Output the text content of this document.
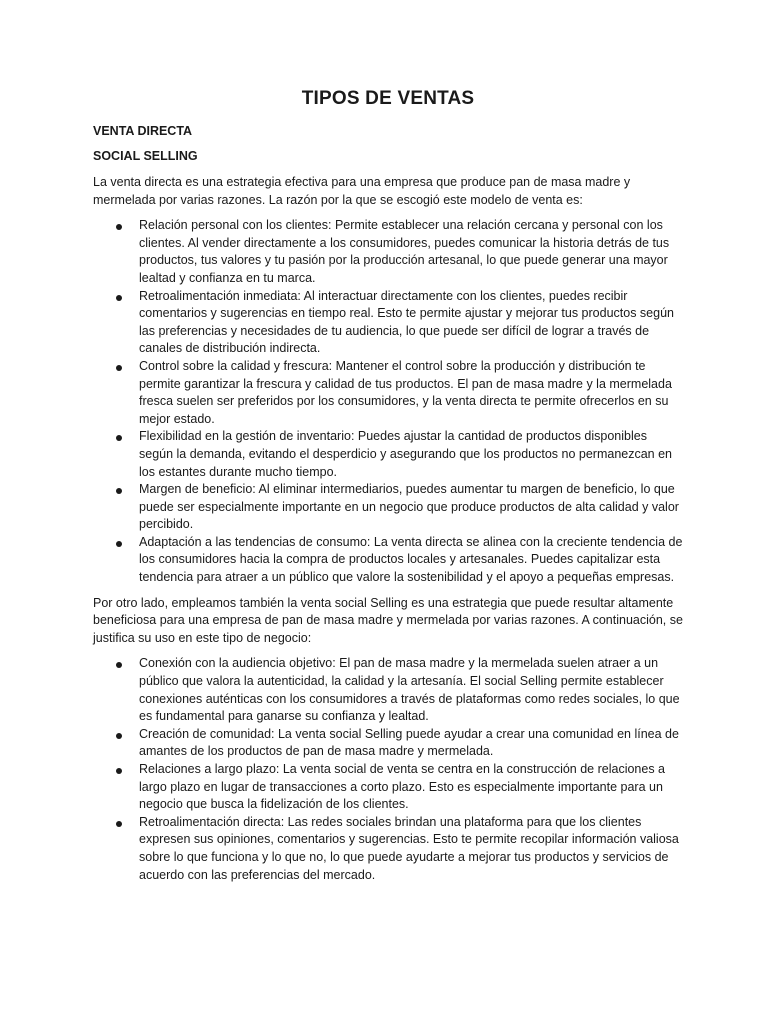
TIPOS DE VENTAS
VENTA DIRECTA
SOCIAL SELLING

La venta directa es una estrategia efectiva para una empresa que produce pan de masa madre y mermelada por varias razones. La razón por la que se escogió este modelo de venta es:

Relación personal con los clientes: Permite establecer una relación cercana y personal con los clientes. Al vender directamente a los consumidores, puedes comunicar la historia detrás de tus productos, tus valores y tu pasión por la producción artesanal, lo que puede generar una mayor lealtad y confianza en tu marca.
Retroalimentación inmediata: Al interactuar directamente con los clientes, puedes recibir comentarios y sugerencias en tiempo real. Esto te permite ajustar y mejorar tus productos según las preferencias y necesidades de tu audiencia, lo que puede ser difícil de lograr a través de canales de distribución indirecta.
Control sobre la calidad y frescura: Mantener el control sobre la producción y distribución te permite garantizar la frescura y calidad de tus productos. El pan de masa madre y la mermelada fresca suelen ser preferidos por los consumidores, y la venta directa te permite ofrecerlos en su mejor estado.
Flexibilidad en la gestión de inventario: Puedes ajustar la cantidad de productos disponibles según la demanda, evitando el desperdicio y asegurando que los productos no permanezcan en los estantes durante mucho tiempo.
Margen de beneficio: Al eliminar intermediarios, puedes aumentar tu margen de beneficio, lo que puede ser especialmente importante en un negocio que produce productos de alta calidad y valor percibido.
Adaptación a las tendencias de consumo: La venta directa se alinea con la creciente tendencia de los consumidores hacia la compra de productos locales y artesanales. Puedes capitalizar esta tendencia para atraer a un público que valore la sostenibilidad y el apoyo a pequeñas empresas.

Por otro lado, empleamos también la venta social Selling es una estrategia que puede resultar altamente beneficiosa para una empresa de pan de masa madre y mermelada por varias razones. A continuación, se justifica su uso en este tipo de negocio:

Conexión con la audiencia objetivo: El pan de masa madre y la mermelada suelen atraer a un público que valora la autenticidad, la calidad y la artesanía. El social Selling permite establecer conexiones auténticas con los consumidores a través de plataformas como redes sociales, lo que es fundamental para ganarse su confianza y lealtad.
Creación de comunidad: La venta social Selling puede ayudar a crear una comunidad en línea de amantes de los productos de pan de masa madre y mermelada.
Relaciones a largo plazo: La venta social de venta se centra en la construcción de relaciones a largo plazo en lugar de transacciones a corto plazo. Esto es especialmente importante para un negocio que busca la fidelización de los clientes.
Retroalimentación directa: Las redes sociales brindan una plataforma para que los clientes expresen sus opiniones, comentarios y sugerencias. Esto te permite recopilar información valiosa sobre lo que funciona y lo que no, lo que puede ayudarte a mejorar tus productos y servicios de acuerdo con las preferencias del mercado.
